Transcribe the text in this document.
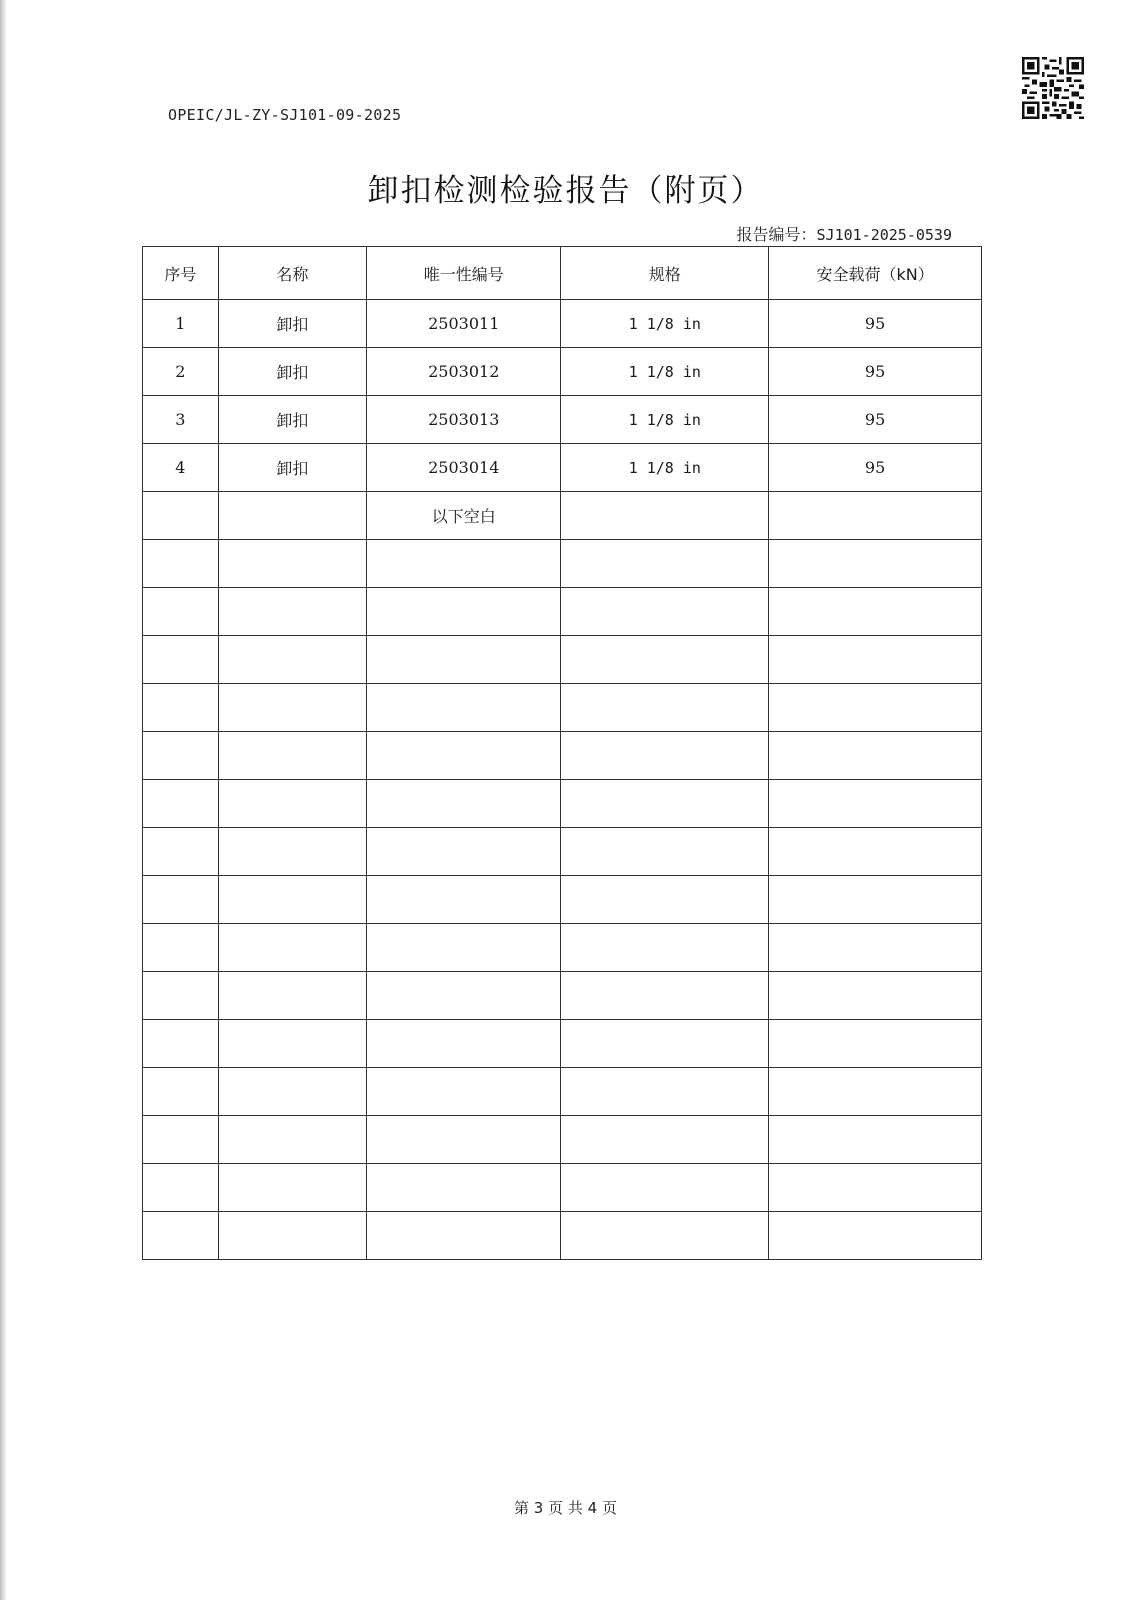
OPEIC/JL-ZY-SJ101-09-2025
卸扣检测检验报告（附页）
报告编号：SJ101-2025-0539
序号	名称	唯一性编号	规格	安全载荷（kN）
1	卸扣	2503011	1 1/8 in	95
2	卸扣	2503012	1 1/8 in	95
3	卸扣	2503013	1 1/8 in	95
4	卸扣	2503014	1 1/8 in	95
		以下空白		

第 3 页 共 4 页
